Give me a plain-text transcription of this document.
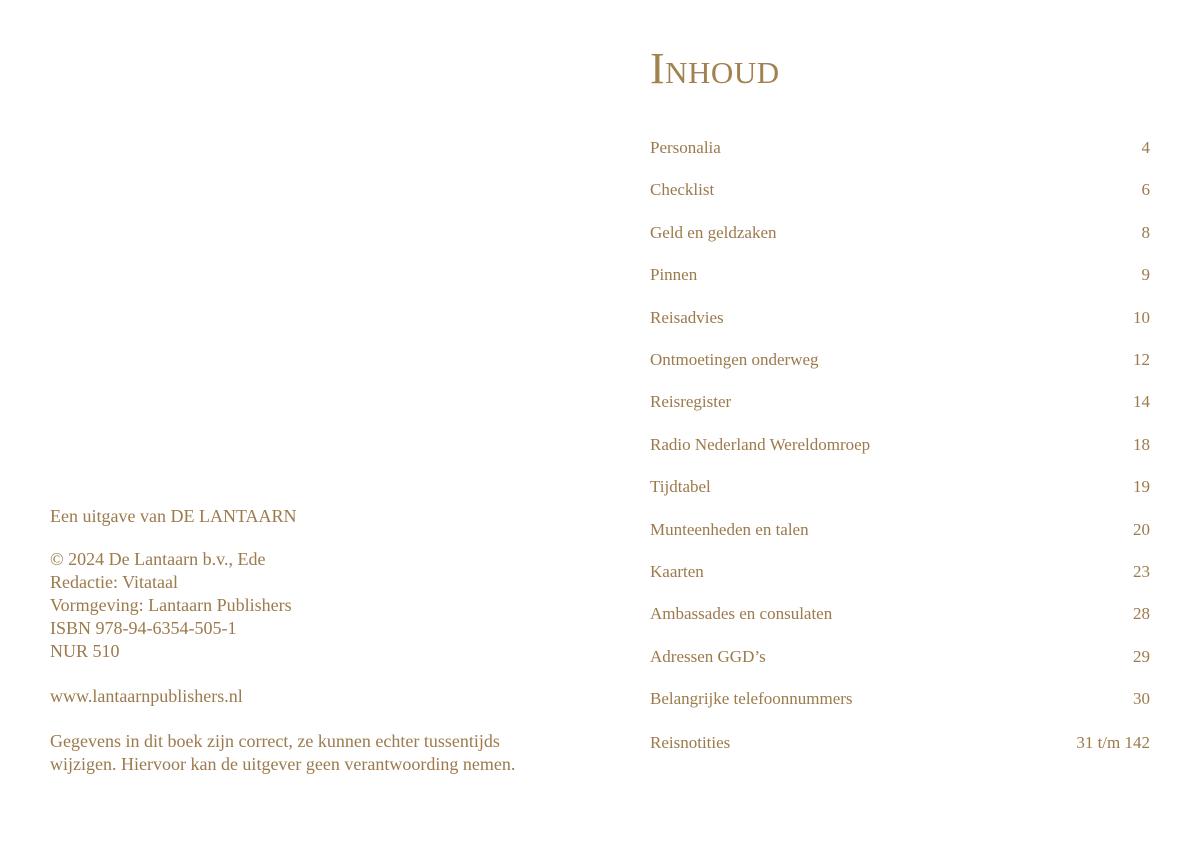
Een uitgave van DE LANTAARN
© 2024 De Lantaarn b.v., Ede
Redactie: Vitataal
Vormgeving: Lantaarn Publishers
ISBN 978-94-6354-505-1
NUR 510
www.lantaarnpublishers.nl
Gegevens in dit boek zijn correct, ze kunnen echter tussentijds
wijzigen. Hiervoor kan de uitgever geen verantwoording nemen.
Inhoud
Personalia	4
Checklist	6
Geld en geldzaken	8
Pinnen	9
Reisadvies	10
Ontmoetingen onderweg	12
Reisregister	14
Radio Nederland Wereldomroep	18
Tijdtabel	19
Munteenheden en talen	20
Kaarten	23
Ambassades en consulaten	28
Adressen GGD’s	29
Belangrijke telefoonnummers	30
Reisnotities	31 t/m 142
